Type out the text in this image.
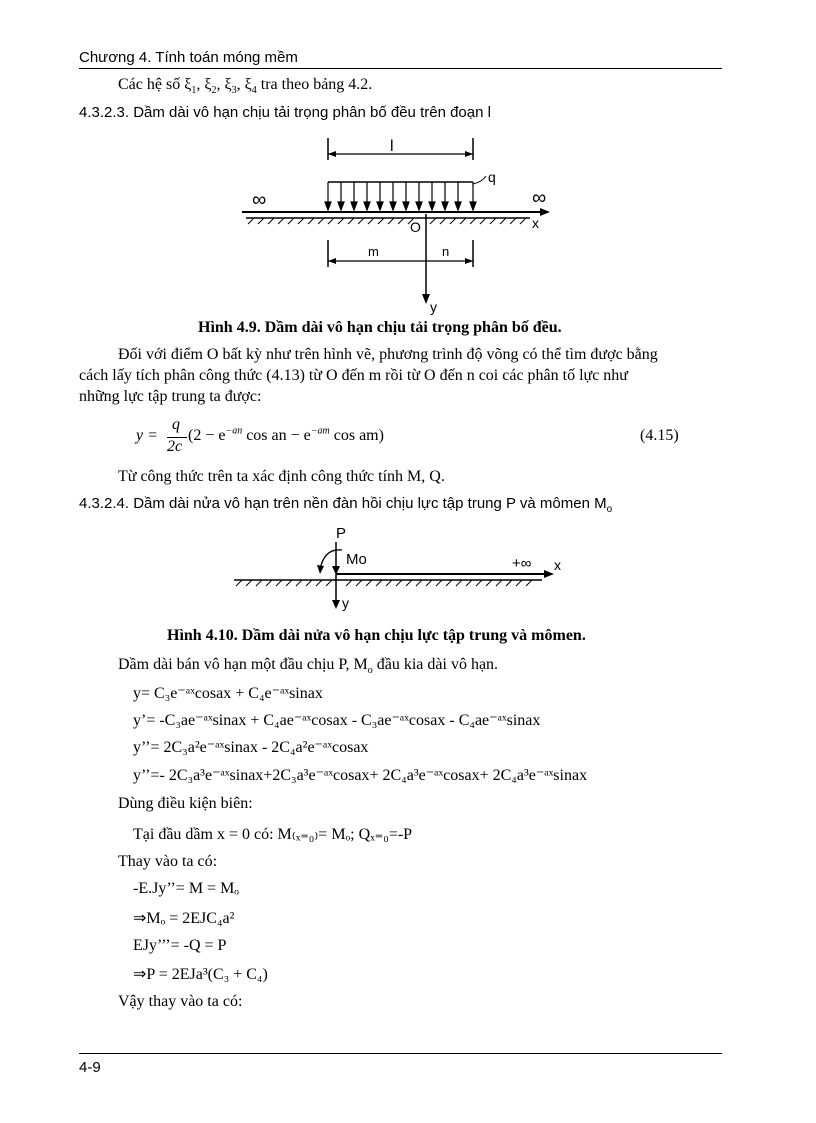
Chương 4. Tính toán móng mềm
Các hệ số $\xi_1$, $\xi_2$, $\xi_3$, $\xi_4$ tra theo bảng 4.2.
4.3.2.3. Dầm dài vô hạn chịu tải trọng phân bố đều trên đoạn l
l
q
∞	∞
x
O
y
m	n
Hình 4.9. Dầm dài vô hạn chịu tải trọng phân bố đều.
Đối với điểm O bất kỳ như trên hình vẽ, phương trình độ võng có thể tìm được bằng
cách lấy tích phân công thức (4.13) từ O đến m rồi từ O đến n coi các phân tố lực như
những lực tập trung ta được:
y =
q
2c
($2 - e^{-an}$ cos an − $e^{-am}$ cos am)	(4.15)
Từ công thức trên ta xác định công thức tính M, Q.
4.3.2.4. Dầm dài nửa vô hạn trên nền đàn hồi chịu lực tập trung P và mômen $M_o$
P
Mo	+∞ x
y
Hình 4.10. Dầm dài nửa vô hạn chịu lực tập trung và mômen.
Dầm dài bán vô hạn một đầu chịu P, $M_o$ đầu kia dài vô hạn.
y= C₃e⁻ᵃˣcosax + C₄e⁻ᵃˣsinax
y’= -C₃ae⁻ᵃˣsinax + C₄ae⁻ᵃˣcosax - C₃ae⁻ᵃˣcosax - C₄ae⁻ᵃˣsinax
y’’= 2C₃a²e⁻ᵃˣsinax - 2C₄a²e⁻ᵃˣcosax
y’’=- 2C₃a³e⁻ᵃˣsinax+2C₃a³e⁻ᵃˣcosax+ 2C₄a³e⁻ᵃˣcosax+ 2C₄a³e⁻ᵃˣsinax
Dùng điều kiện biên:
Tại đầu dầm x = 0 có: M₍ₓ₌₀₎= Mₒ; Qₓ₌₀=-P
Thay vào ta có:
-E.Jy’’= M = Mₒ
⇒Mₒ = 2EJC₄a²
EJy’’’= -Q = P
⇒P = 2EJa³(C₃ + C₄)
Vậy thay vào ta có:
4-9
